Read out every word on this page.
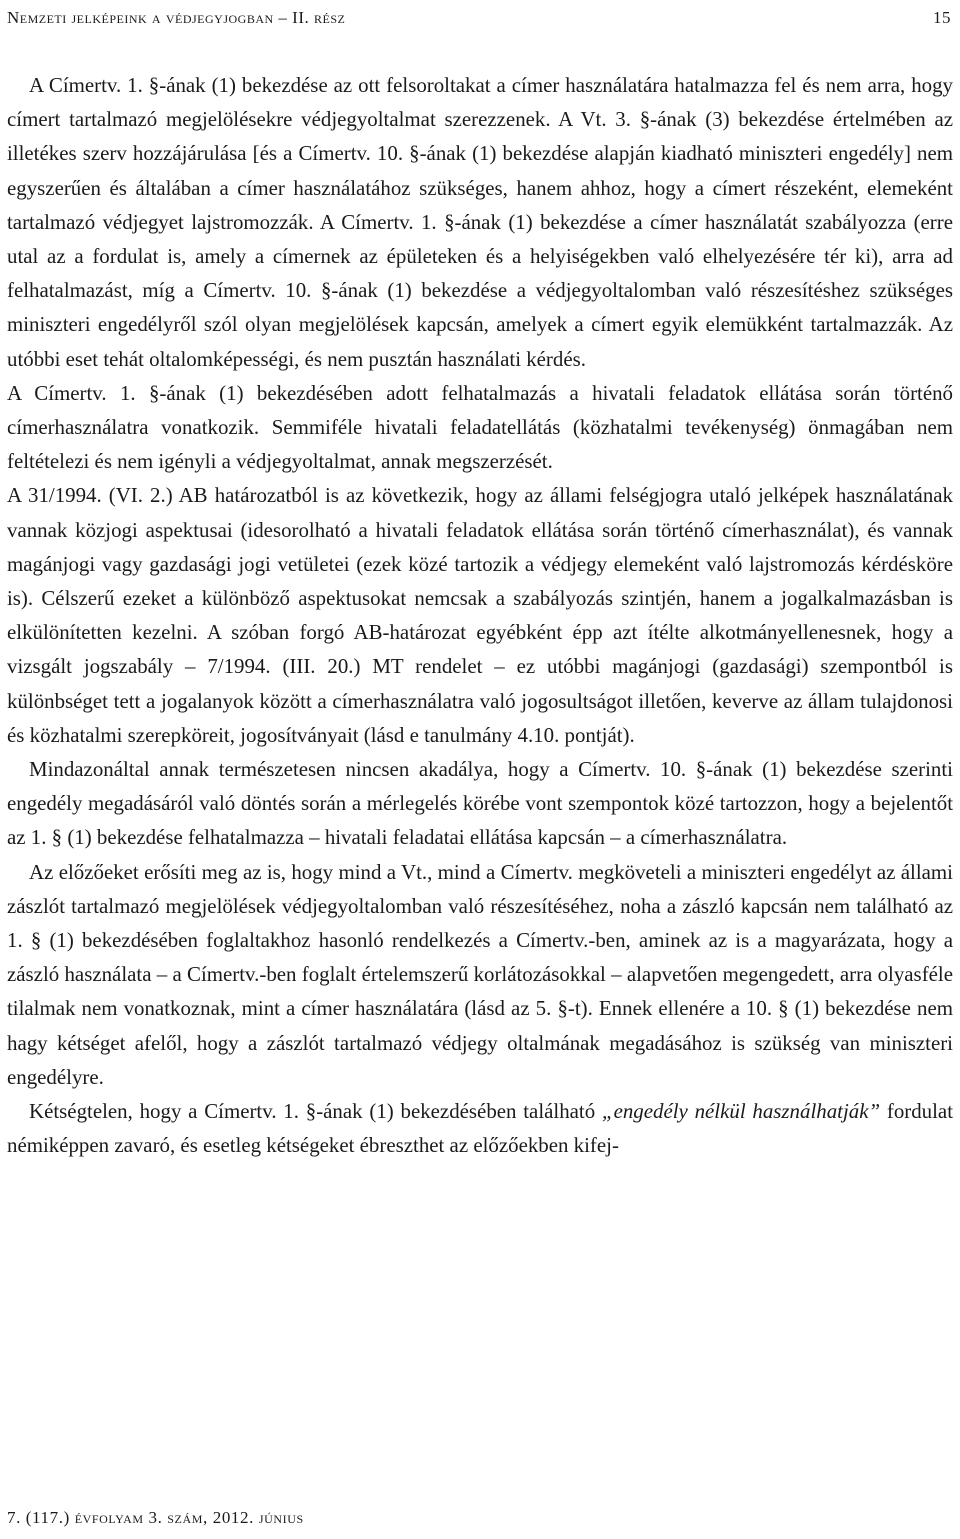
Nemzeti jelképeink a védjegyjogban – II. rész	15

A Címertv. 1. §-ának (1) bekezdése az ott felsoroltakat a címer használatára hatalmazza fel és nem arra, hogy címert tartalmazó megjelölésekre védjegyoltalmat szerezzenek. A Vt. 3. §-ának (3) bekezdése értelmében az illetékes szerv hozzájárulása [és a Címertv. 10. §-ának (1) bekezdése alapján kiadható miniszteri engedély] nem egyszerűen és általában a címer használatához szükséges, hanem ahhoz, hogy a címert részeként, elemeként tartalmazó védjegyet lajstromozzák. A Címertv. 1. §-ának (1) bekezdése a címer használatát szabályozza (erre utal az a fordulat is, amely a címernek az épületeken és a helyiségekben való elhelyezésére tér ki), arra ad felhatalmazást, míg a Címertv. 10. §-ának (1) bekezdése a védjegyoltalomban való részesítéshez szükséges miniszteri engedélyről szól olyan megjelölések kapcsán, amelyek a címert egyik elemükként tartalmazzák. Az utóbbi eset tehát oltalomképességi, és nem pusztán használati kérdés.

A Címertv. 1. §-ának (1) bekezdésében adott felhatalmazás a hivatali feladatok ellátása során történő címerhasználatra vonatkozik. Semmiféle hivatali feladatellátás (közhatalmi tevékenység) önmagában nem feltételezi és nem igényli a védjegyoltalmat, annak megszerzését.

A 31/1994. (VI. 2.) AB határozatból is az következik, hogy az állami felségjogra utaló jelképek használatának vannak közjogi aspektusai (idesorolható a hivatali feladatok ellátása során történő címerhasználat), és vannak magánjogi vagy gazdasági jogi vetületei (ezek közé tartozik a védjegy elemeként való lajstromozás kérdésköre is). Célszerű ezeket a különböző aspektusokat nemcsak a szabályozás szintjén, hanem a jogalkalmazásban is elkülönítetten kezelni. A szóban forgó AB-határozat egyébként épp azt ítélte alkotmányellenesnek, hogy a vizsgált jogszabály – 7/1994. (III. 20.) MT rendelet – ez utóbbi magánjogi (gazdasági) szempontból is különbséget tett a jogalanyok között a címerhasználatra való jogosultságot illetően, keverve az állam tulajdonosi és közhatalmi szerepköreit, jogosítványait (lásd e tanulmány 4.10. pontját).

Mindazonáltal annak természetesen nincsen akadálya, hogy a Címertv. 10. §-ának (1) bekezdése szerinti engedély megadásáról való döntés során a mérlegelés körébe vont szempontok közé tartozzon, hogy a bejelentőt az 1. § (1) bekezdése felhatalmazza – hivatali feladatai ellátása kapcsán – a címerhasználatra.

Az előzőeket erősíti meg az is, hogy mind a Vt., mind a Címertv. megköveteli a miniszteri engedélyt az állami zászlót tartalmazó megjelölések védjegyoltalomban való részesítéséhez, noha a zászló kapcsán nem található az 1. § (1) bekezdésében foglaltakhoz hasonló rendelkezés a Címertv.-ben, aminek az is a magyarázata, hogy a zászló használata – a Címertv.-ben foglalt értelemszerű korlátozásokkal – alapvetően megengedett, arra olyasféle tilalmak nem vonatkoznak, mint a címer használatára (lásd az 5. §-t). Ennek ellenére a 10. § (1) bekezdése nem hagy kétséget afelől, hogy a zászlót tartalmazó védjegy oltalmának megadásához is szükség van miniszteri engedélyre.

Kétségtelen, hogy a Címertv. 1. §-ának (1) bekezdésében található „engedély nélkül használhatják” fordulat némiképpen zavaró, és esetleg kétségeket ébreszthet az előzőekben kifej-

7. (117.) évfolyam 3. szám, 2012. június
